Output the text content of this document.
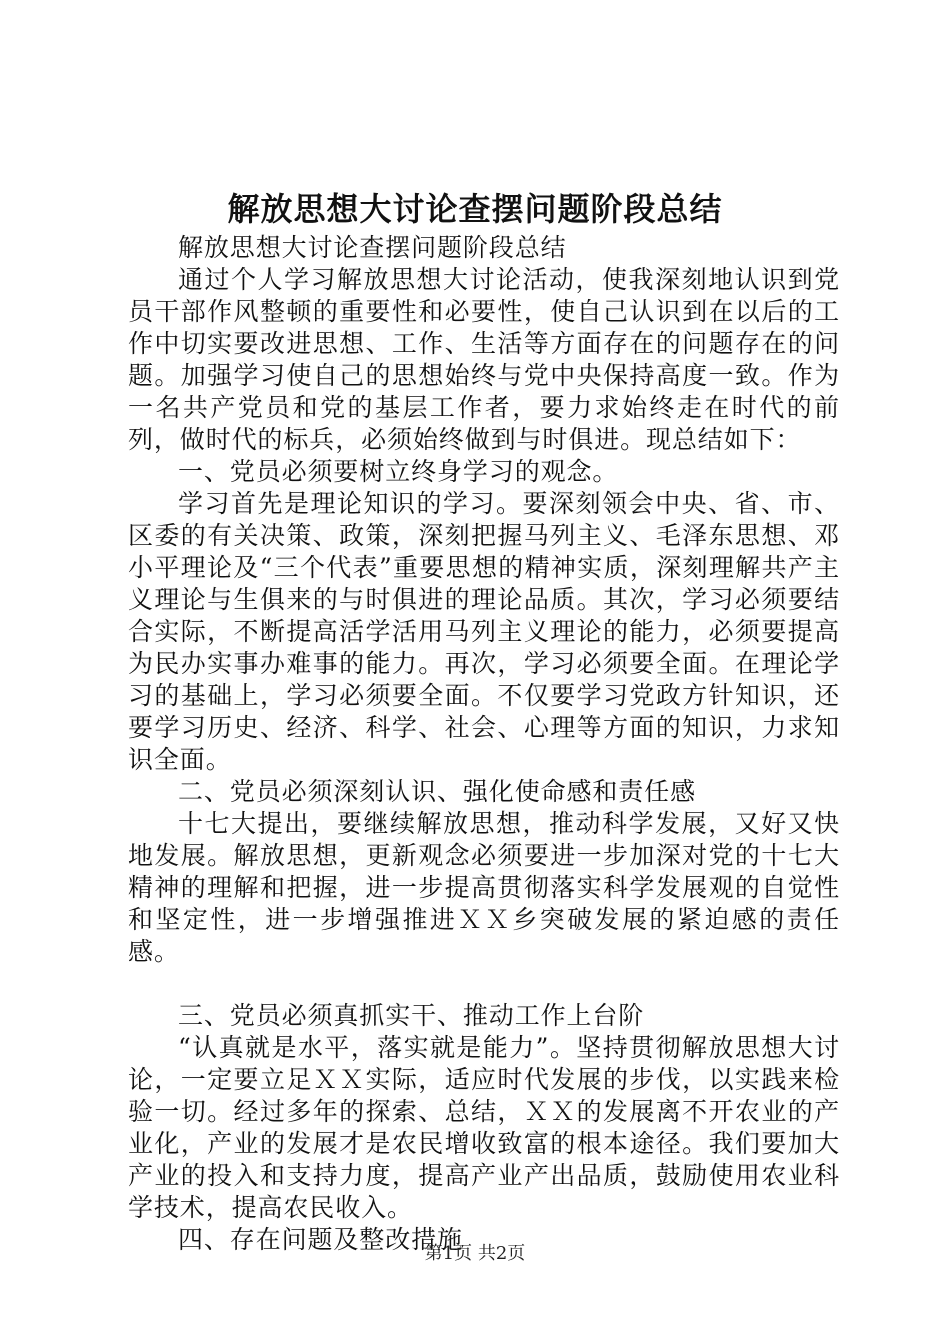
解放思想大讨论查摆问题阶段总结

解放思想大讨论查摆问题阶段总结

通过个人学习解放思想大讨论活动，使我深刻地认识到党员干部作风整顿的重要性和必要性，使自己认识到在以后的工作中切实要改进思想、工作、生活等方面存在的问题存在的问题。加强学习使自己的思想始终与党中央保持高度一致。作为一名共产党员和党的基层工作者，要力求始终走在时代的前列，做时代的标兵，必须始终做到与时俱进。现总结如下：

一、党员必须要树立终身学习的观念。

学习首先是理论知识的学习。要深刻领会中央、省、市、区委的有关决策、政策，深刻把握马列主义、毛泽东思想、邓小平理论及“三个代表”重要思想的精神实质，深刻理解共产主义理论与生俱来的与时俱进的理论品质。其次，学习必须要结合实际，不断提高活学活用马列主义理论的能力，必须要提高为民办实事办难事的能力。再次，学习必须要全面。在理论学习的基础上，学习必须要全面。不仅要学习党政方针知识，还要学习历史、经济、科学、社会、心理等方面的知识，力求知识全面。

二、党员必须深刻认识、强化使命感和责任感

十七大提出，要继续解放思想，推动科学发展，又好又快地发展。解放思想，更新观念必须要进一步加深对党的十七大精神的理解和把握，进一步提高贯彻落实科学发展观的自觉性和坚定性，进一步增强推进ＸＸ乡突破发展的紧迫感的责任感。

三、党员必须真抓实干、推动工作上台阶

“认真就是水平，落实就是能力”。坚持贯彻解放思想大讨论，一定要立足ＸＸ实际，适应时代发展的步伐，以实践来检验一切。经过多年的探索、总结，ＸＸ的发展离不开农业的产业化，产业的发展才是农民增收致富的根本途径。我们要加大产业的投入和支持力度，提高产业产出品质，鼓励使用农业科学技术，提高农民收入。

四、存在问题及整改措施

第1页 共2页
